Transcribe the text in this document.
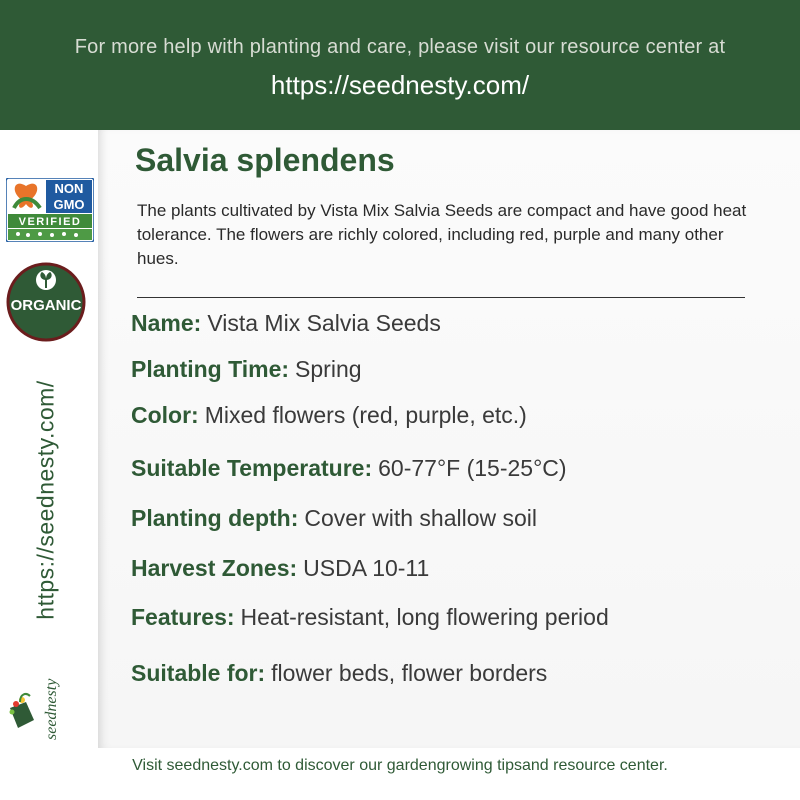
For more help with planting and care, please visit our resource center at
https://seednesty.com/
NON
GMO
VERIFIED
ORGANIC
https://seednesty.com/
seednesty
Salvia splendens
The plants cultivated by Vista Mix Salvia Seeds are compact and have good heat tolerance. The flowers are richly colored, including red, purple and many other hues.
Name: Vista Mix Salvia Seeds
Planting Time: Spring
Color: Mixed flowers (red, purple, etc.)
Suitable Temperature: 60-77°F (15-25°C)
Planting depth: Cover with shallow soil
Harvest Zones: USDA 10-11
Features: Heat-resistant, long flowering period
Suitable for: flower beds, flower borders
Visit seednesty.com to discover our gardengrowing tipsand resource center.
